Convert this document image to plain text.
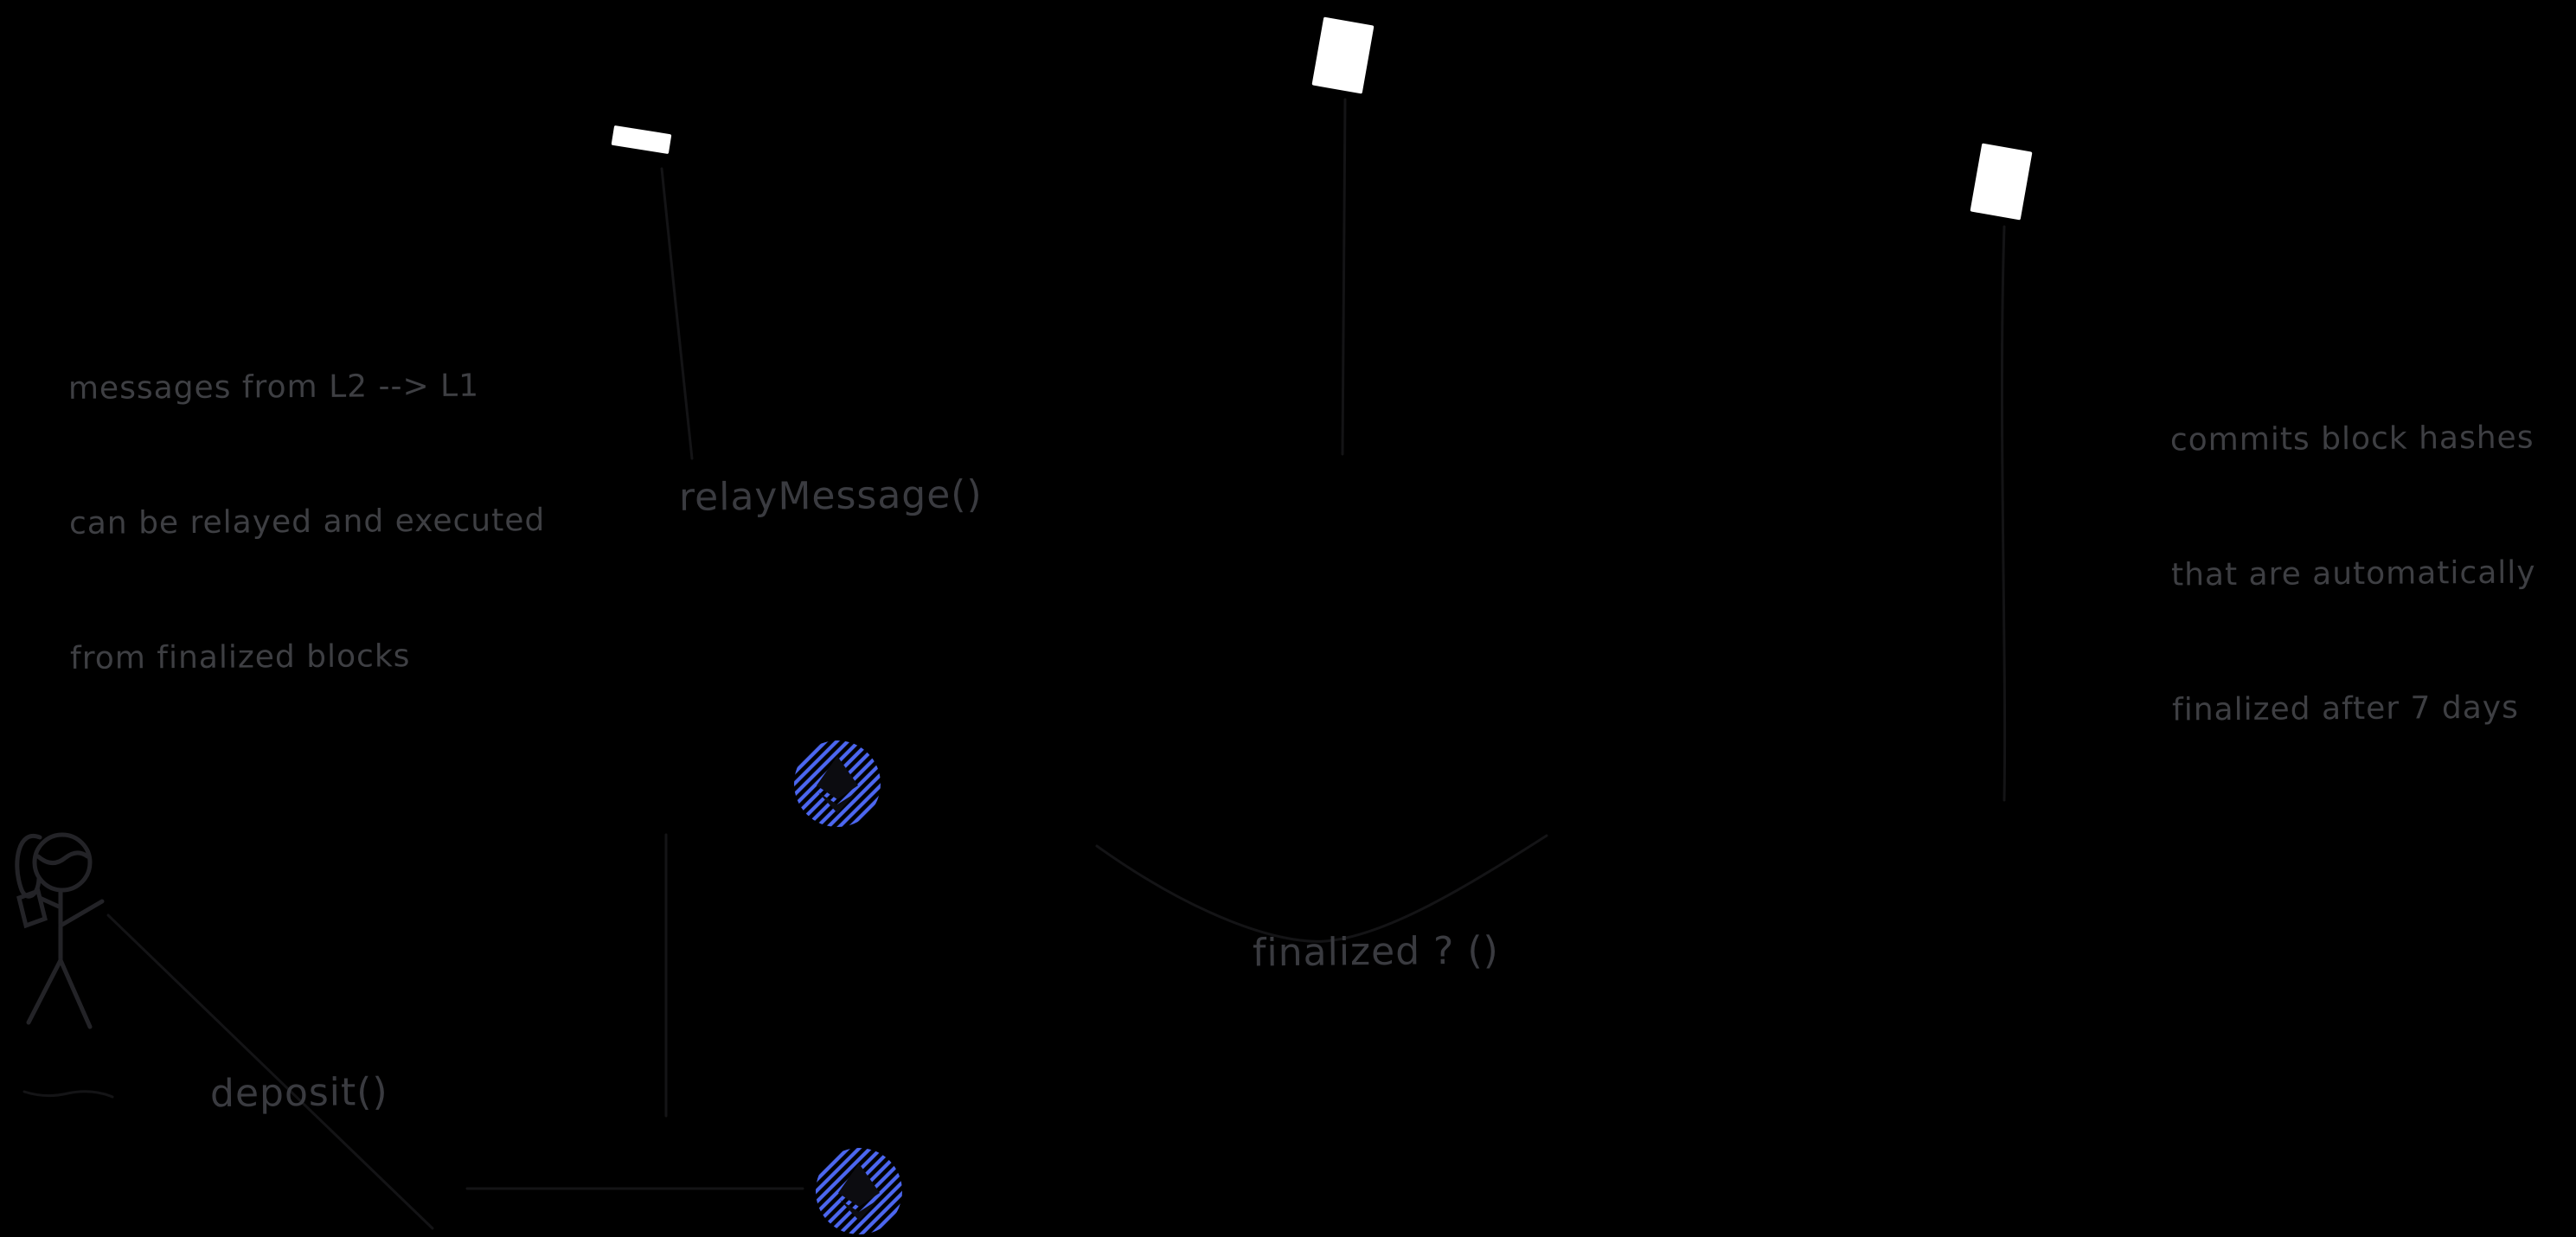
messages from L2 --> L1

can be relayed and executed

from finalized blocks

commits block hashes

that are automatically

finalized after 7 days

relayMessage()
finalized ? ()
deposit()
